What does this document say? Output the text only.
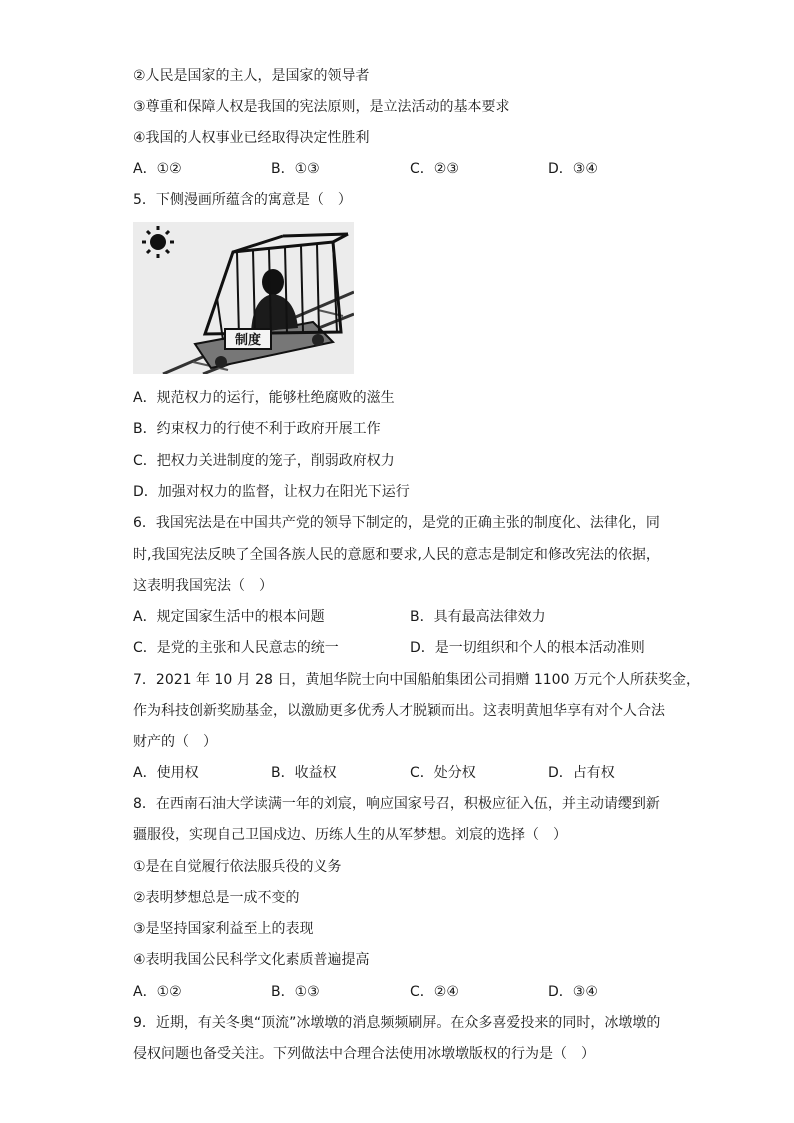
②人民是国家的主人，是国家的领导者
③尊重和保障人权是我国的宪法原则，是立法活动的基本要求
④我国的人权事业已经取得决定性胜利
A．①②	B．①③	C．②③	D．③④
5．下侧漫画所蕴含的寓意是（　）
制度
A．规范权力的运行，能够杜绝腐败的滋生
B．约束权力的行使不利于政府开展工作
C．把权力关进制度的笼子，削弱政府权力
D．加强对权力的监督，让权力在阳光下运行
6．我国宪法是在中国共产党的领导下制定的，是党的正确主张的制度化、法律化，同
时,我国宪法反映了全国各族人民的意愿和要求,人民的意志是制定和修改宪法的依据，
这表明我国宪法（　）
A．规定国家生活中的根本问题	B．具有最高法律效力
C．是党的主张和人民意志的统一	D．是一切组织和个人的根本活动准则
7．2021 年 10 月 28 日，黄旭华院士向中国船舶集团公司捐赠 1100 万元个人所获奖金，
作为科技创新奖励基金，以激励更多优秀人才脱颖而出。这表明黄旭华享有对个人合法
财产的（　）
A．使用权	B．收益权	C．处分权	D．占有权
8．在西南石油大学读满一年的刘宸，响应国家号召，积极应征入伍，并主动请缨到新
疆服役，实现自己卫国戍边、历练人生的从军梦想。刘宸的选择（　）
①是在自觉履行依法服兵役的义务
②表明梦想总是一成不变的
③是坚持国家利益至上的表现
④表明我国公民科学文化素质普遍提高
A．①②	B．①③	C．②④	D．③④
9．近期，有关冬奥“顶流”冰墩墩的消息频频刷屏。在众多喜爱投来的同时，冰墩墩的
侵权问题也备受关注。下列做法中合理合法使用冰墩墩版权的行为是（　）
